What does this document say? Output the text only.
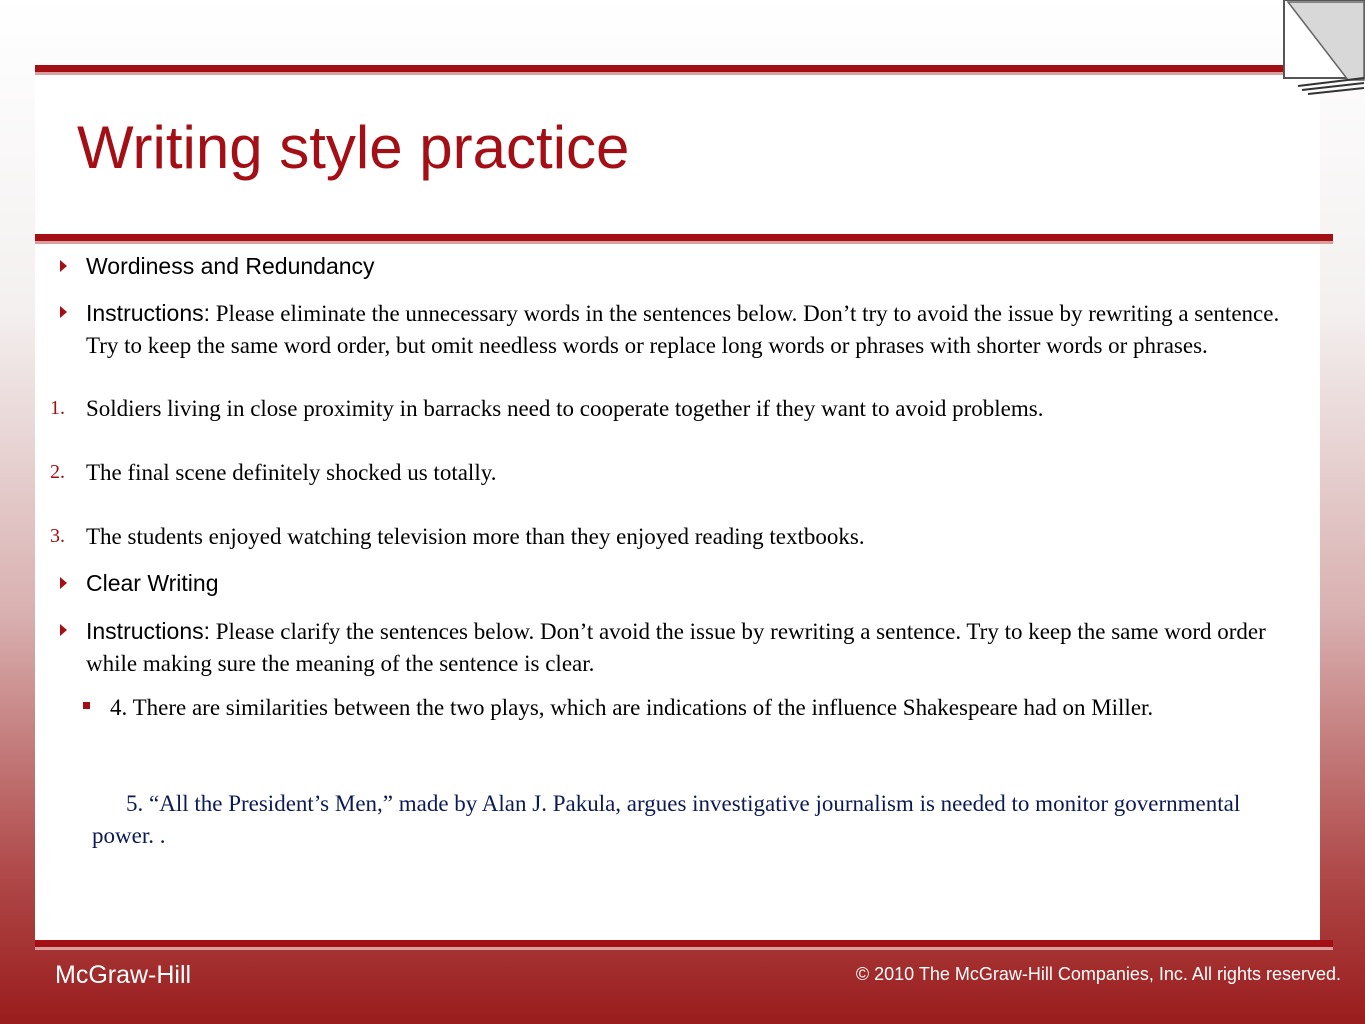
Writing style practice
Wordiness and Redundancy
Instructions: Please eliminate the unnecessary words in the sentences below. Don’t try to avoid the issue by rewriting a sentence. Try to keep the same word order, but omit needless words or replace long words or phrases with shorter words or phrases.
1. Soldiers living in close proximity in barracks need to cooperate together if they want to avoid problems.
2. The final scene definitely shocked us totally.
3. The students enjoyed watching television more than they enjoyed reading textbooks.
Clear Writing
Instructions: Please clarify the sentences below. Don’t avoid the issue by rewriting a sentence. Try to keep the same word order while making sure the meaning of the sentence is clear.
4. There are similarities between the two plays, which are indications of the influence Shakespeare had on Miller.
5. “All the President’s Men,” made by Alan J. Pakula, argues investigative journalism is needed to monitor governmental power. .
McGraw-Hill	© 2010 The McGraw-Hill Companies, Inc. All rights reserved.
